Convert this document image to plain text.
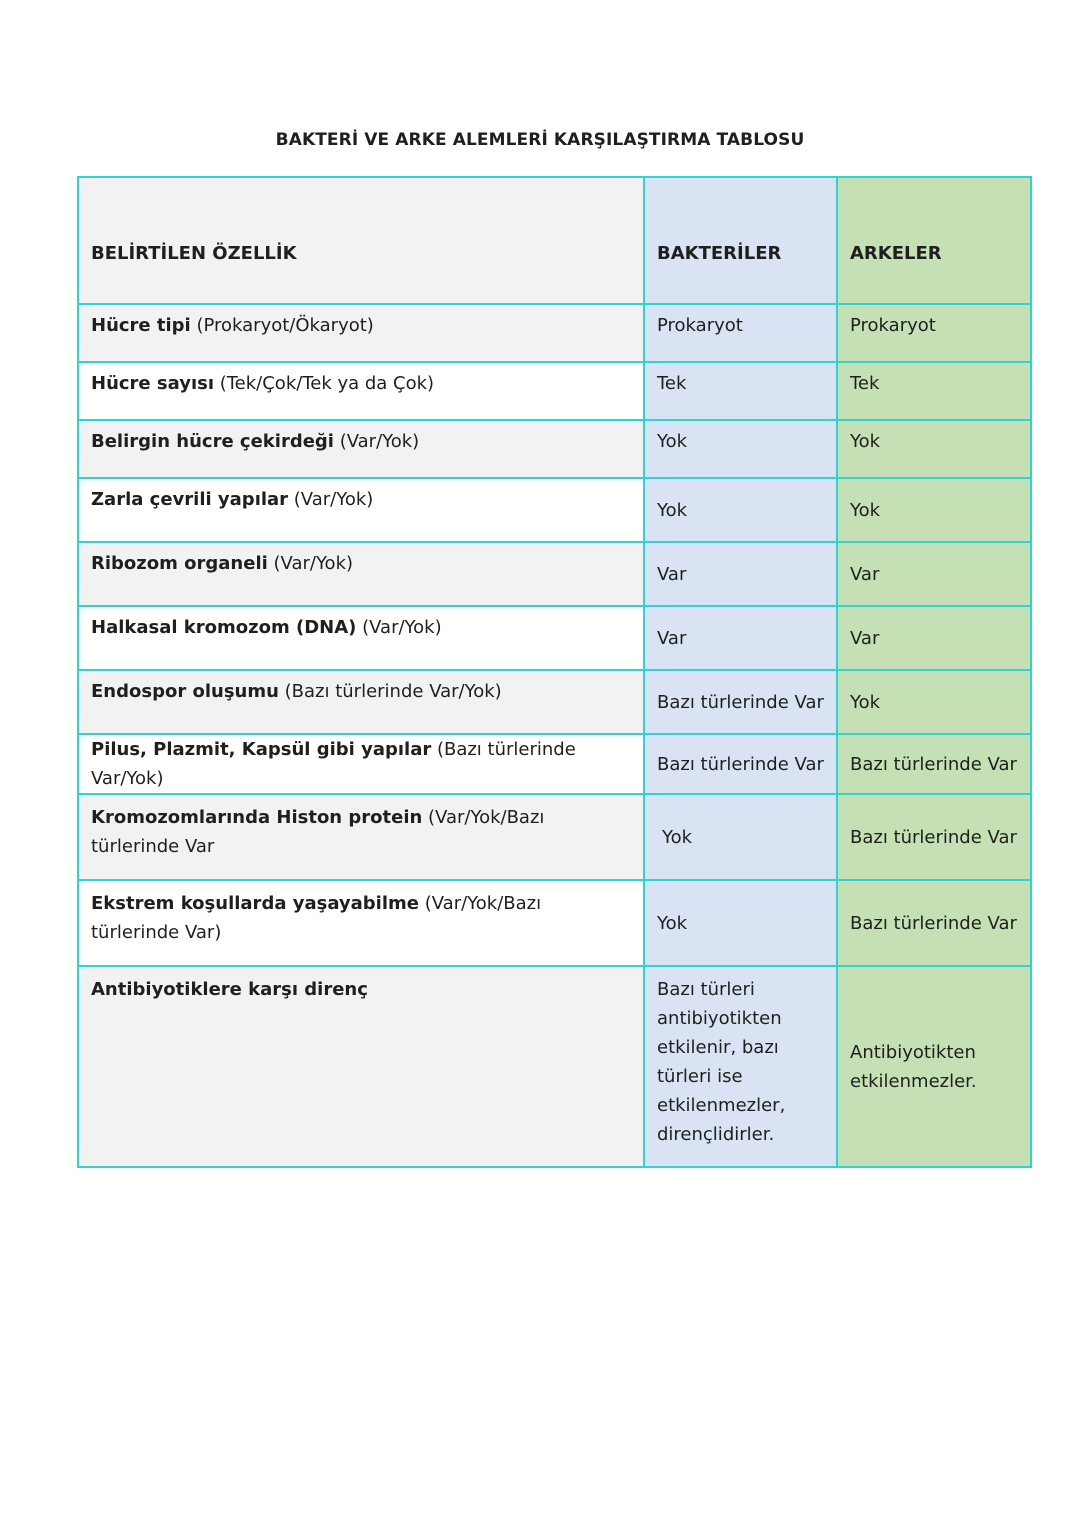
BAKTERİ VE ARKE ALEMLERİ KARŞILAŞTIRMA TABLOSU
BELİRTİLEN ÖZELLİK	BAKTERİLER	ARKELER
Hücre tipi (Prokaryot/Ökaryot)	Prokaryot	Prokaryot
Hücre sayısı (Tek/Çok/Tek ya da Çok)	Tek	Tek
Belirgin hücre çekirdeği (Var/Yok)	Yok	Yok
Zarla çevrili yapılar (Var/Yok)	Yok	Yok
Ribozom organeli (Var/Yok)	Var	Var
Halkasal kromozom (DNA) (Var/Yok)	Var	Var
Endospor oluşumu (Bazı türlerinde Var/Yok)	Bazı türlerinde Var	Yok
Pilus, Plazmit, Kapsül gibi yapılar (Bazı türlerinde Var/Yok)	Bazı türlerinde Var	Bazı türlerinde Var
Kromozomlarında Histon protein (Var/Yok/Bazı türlerinde Var	Yok	Bazı türlerinde Var
Ekstrem koşullarda yaşayabilme (Var/Yok/Bazı türlerinde Var)	Yok	Bazı türlerinde Var
Antibiyotiklere karşı direnç	Bazı türleri antibiyotikten etkilenir, bazı türleri ise etkilenmezler, dirençlidirler.	Antibiyotikten etkilenmezler.
